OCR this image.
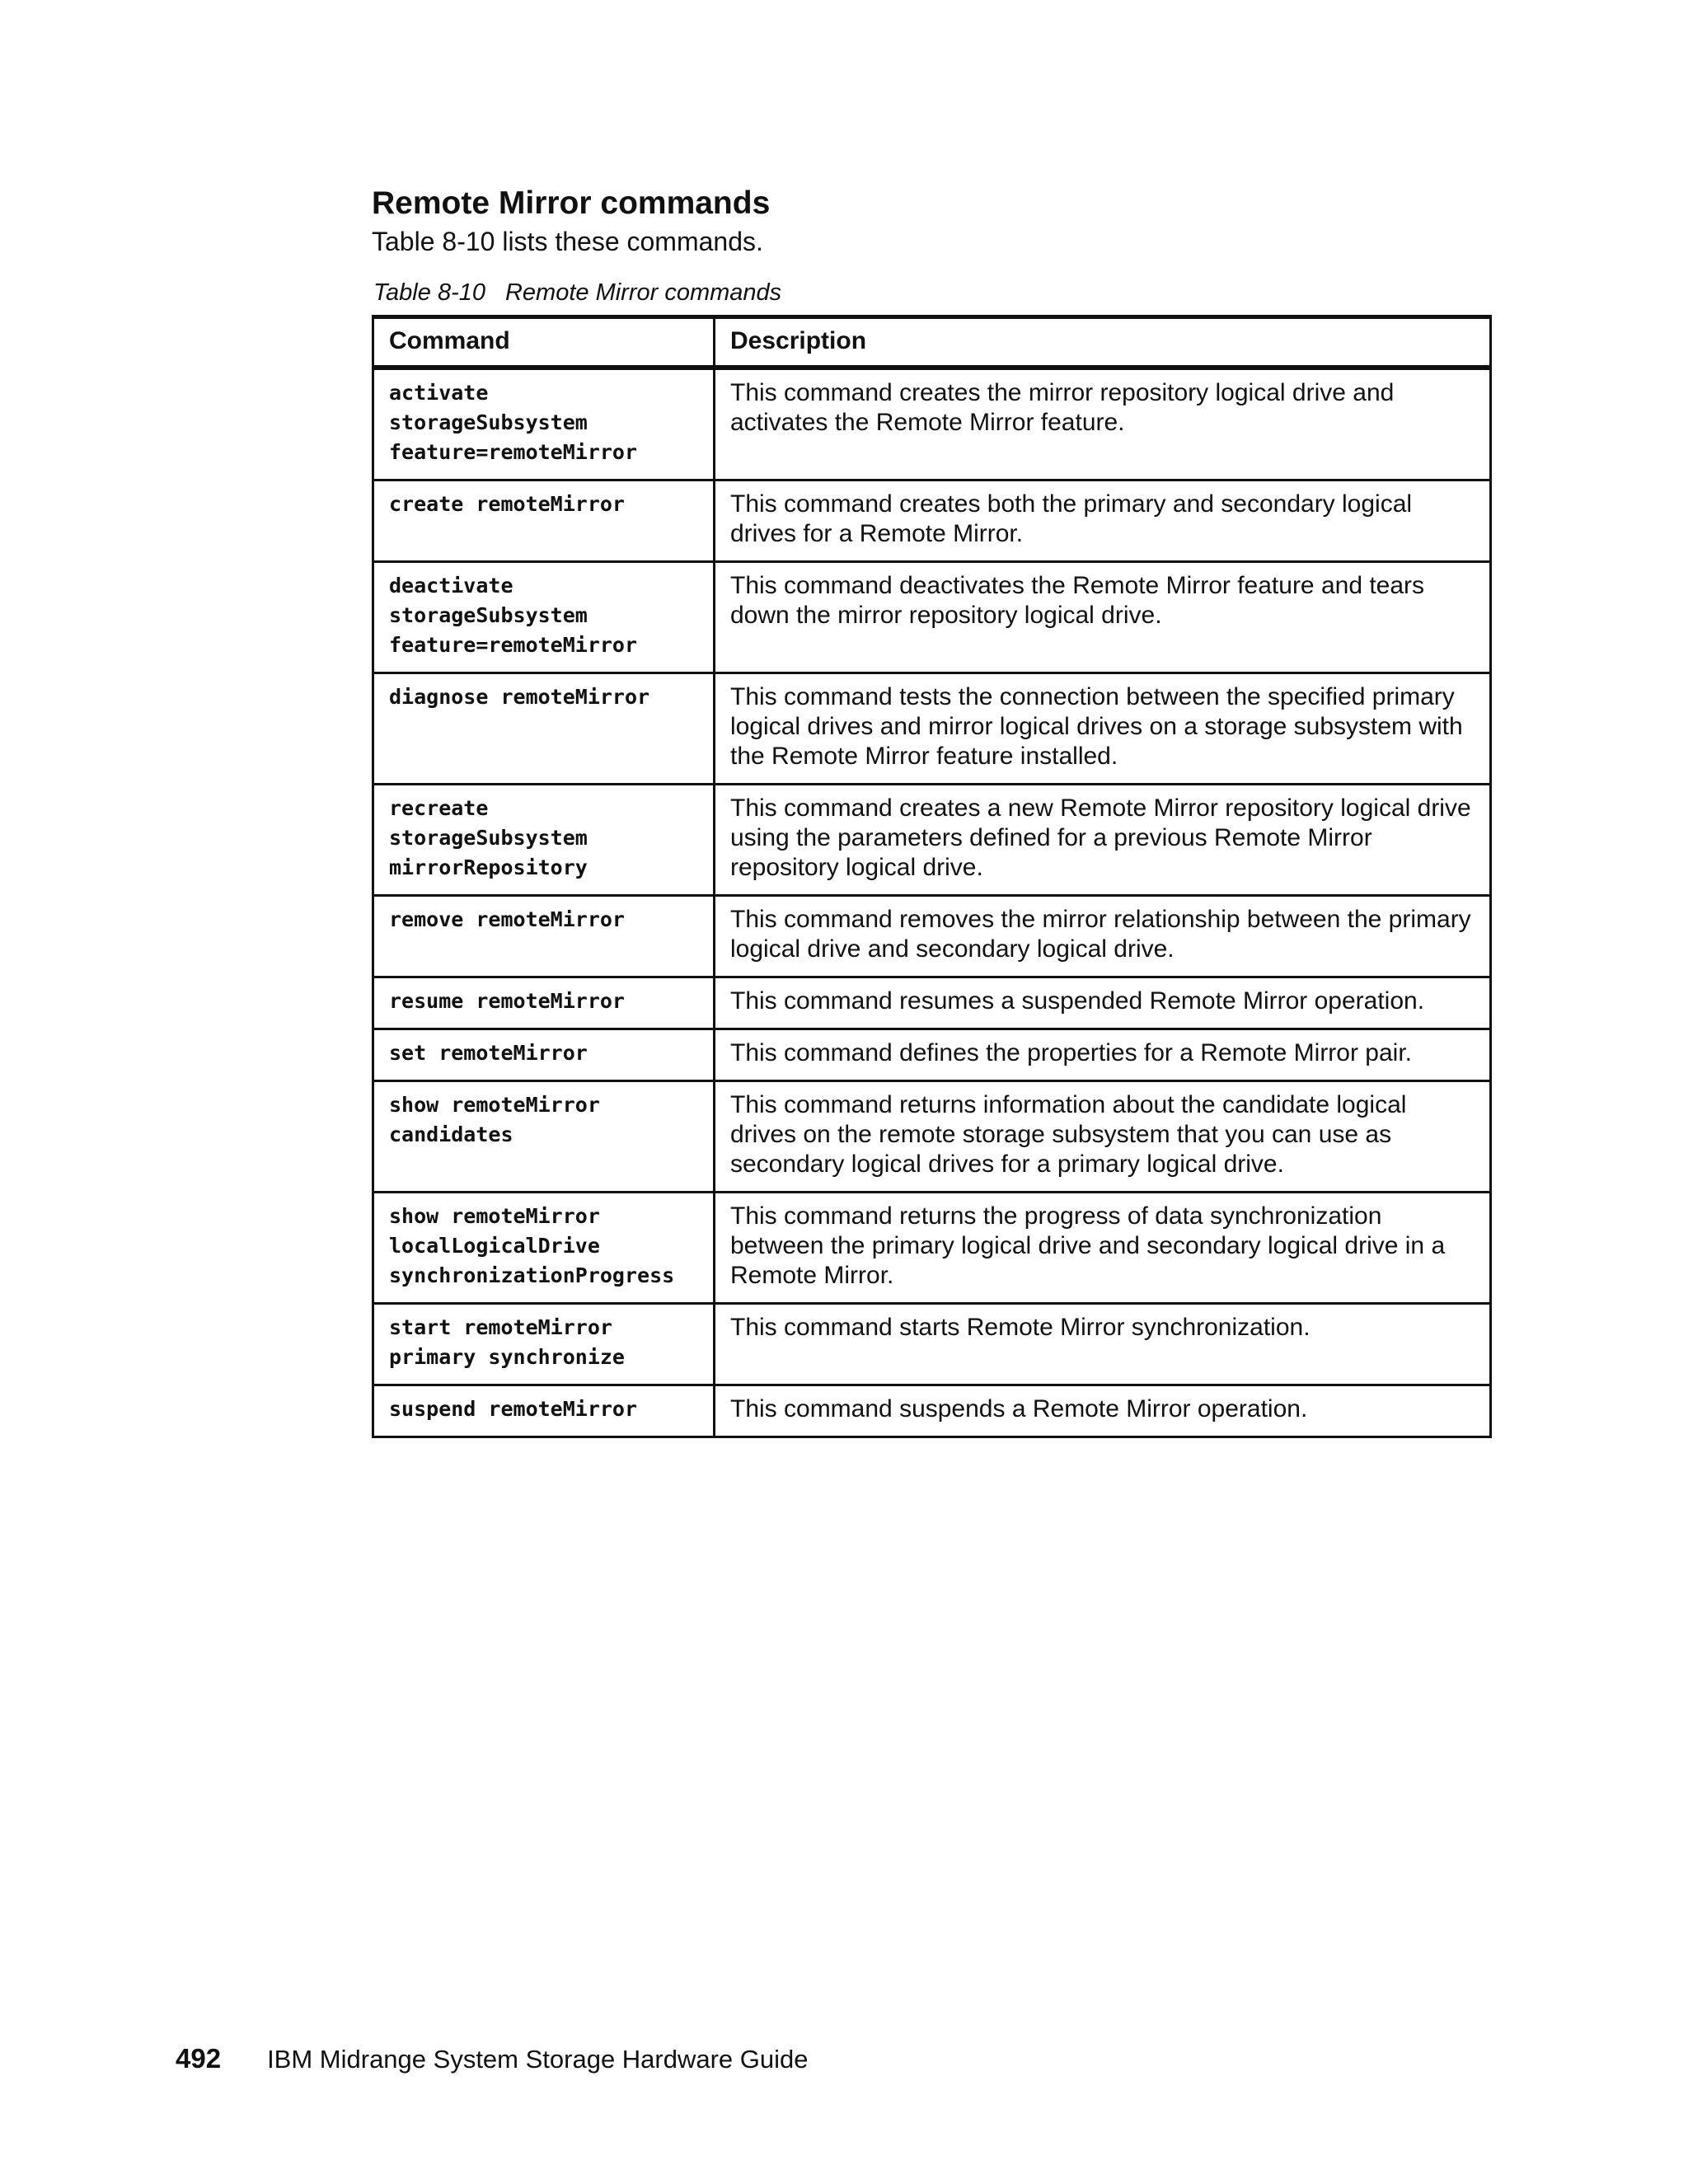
Remote Mirror commands

Table 8-10 lists these commands.

Table 8-10 Remote Mirror commands
Command	Description

activate storageSubsystem
feature=remoteMirror	This command creates the mirror repository logical drive and activates the Remote Mirror feature.

create remoteMirror	This command creates both the primary and secondary logical drives for a Remote Mirror.

deactivate
storageSubsystem
feature=remoteMirror	This command deactivates the Remote Mirror feature and tears down the mirror repository logical drive.

diagnose remoteMirror	This command tests the connection between the specified primary logical drives and mirror logical drives on a storage subsystem with the Remote Mirror feature installed.

recreate storageSubsystem
mirrorRepository	This command creates a new Remote Mirror repository logical drive using the parameters defined for a previous Remote Mirror repository logical drive.

remove remoteMirror	This command removes the mirror relationship between the primary logical drive and secondary logical drive.

resume remoteMirror	This command resumes a suspended Remote Mirror operation.

set remoteMirror	This command defines the properties for a Remote Mirror pair.

show remoteMirror
candidates	This command returns information about the candidate logical drives on the remote storage subsystem that you can use as secondary logical drives for a primary logical drive.

show remoteMirror
localLogicalDrive
synchronizationProgress	This command returns the progress of data synchronization between the primary logical drive and secondary logical drive in a Remote Mirror.

start remoteMirror
primary synchronize	This command starts Remote Mirror synchronization.

suspend remoteMirror	This command suspends a Remote Mirror operation.
492 IBM Midrange System Storage Hardware Guide
